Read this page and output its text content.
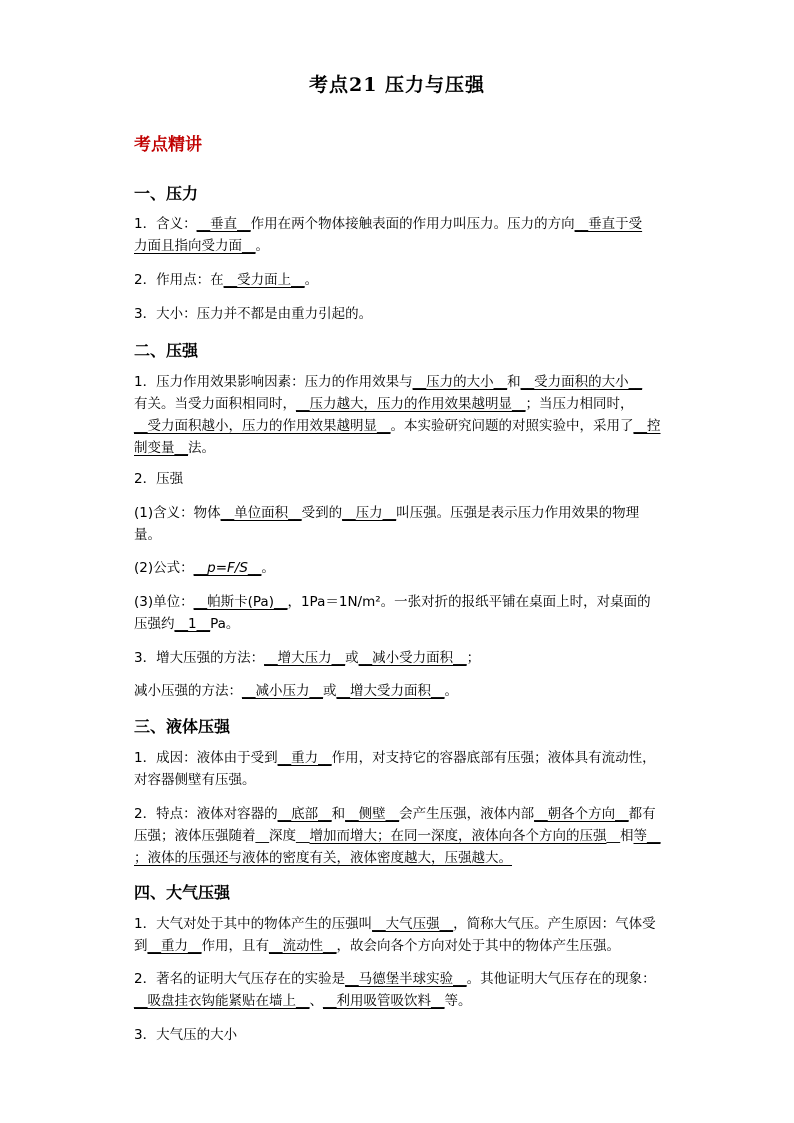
考点21 压力与压强
考点精讲
一、压力
1．含义：__垂直__作用在两个物体接触表面的作用力叫压力。压力的方向__垂直于受
力面且指向受力面__。
2．作用点：在__受力面上__。
3．大小：压力并不都是由重力引起的。
二、压强
1．压力作用效果影响因素：压力的作用效果与__压力的大小__和__受力面积的大小__
有关。当受力面积相同时，__压力越大，压力的作用效果越明显__；当压力相同时，
__受力面积越小，压力的作用效果越明显__。本实验研究问题的对照实验中，采用了__控
制变量__法。
2．压强
(1)含义：物体__单位面积__受到的__压力__叫压强。压强是表示压力作用效果的物理量。
(2)公式：__p=F/S__。
(3)单位：__帕斯卡(Pa)__，1Pa＝1N/m²。一张对折的报纸平铺在桌面上时，对桌面的压强约__1__Pa。
3．增大压强的方法：__增大压力__或__减小受力面积__；
减小压强的方法：__减小压力__或__增大受力面积__。
三、液体压强
1．成因：液体由于受到__重力__作用，对支持它的容器底部有压强；液体具有流动性，对容器侧壁有压强。
2．特点：液体对容器的__底部__和__侧壁__会产生压强，液体内部__朝各个方向__都有压强；液体压强随着__深度__增加而增大；在同一深度，液体向各个方向的压强__相等__
；液体的压强还与液体的密度有关，液体密度越大，压强越大。
四、大气压强
1．大气对处于其中的物体产生的压强叫__大气压强__，简称大气压。产生原因：气体受到__重力__作用，且有__流动性__，故会向各个方向对处于其中的物体产生压强。
2．著名的证明大气压存在的实验是__马德堡半球实验__。其他证明大气压存在的现象：
__吸盘挂衣钩能紧贴在墙上__、__利用吸管吸饮料__等。
3．大气压的大小
